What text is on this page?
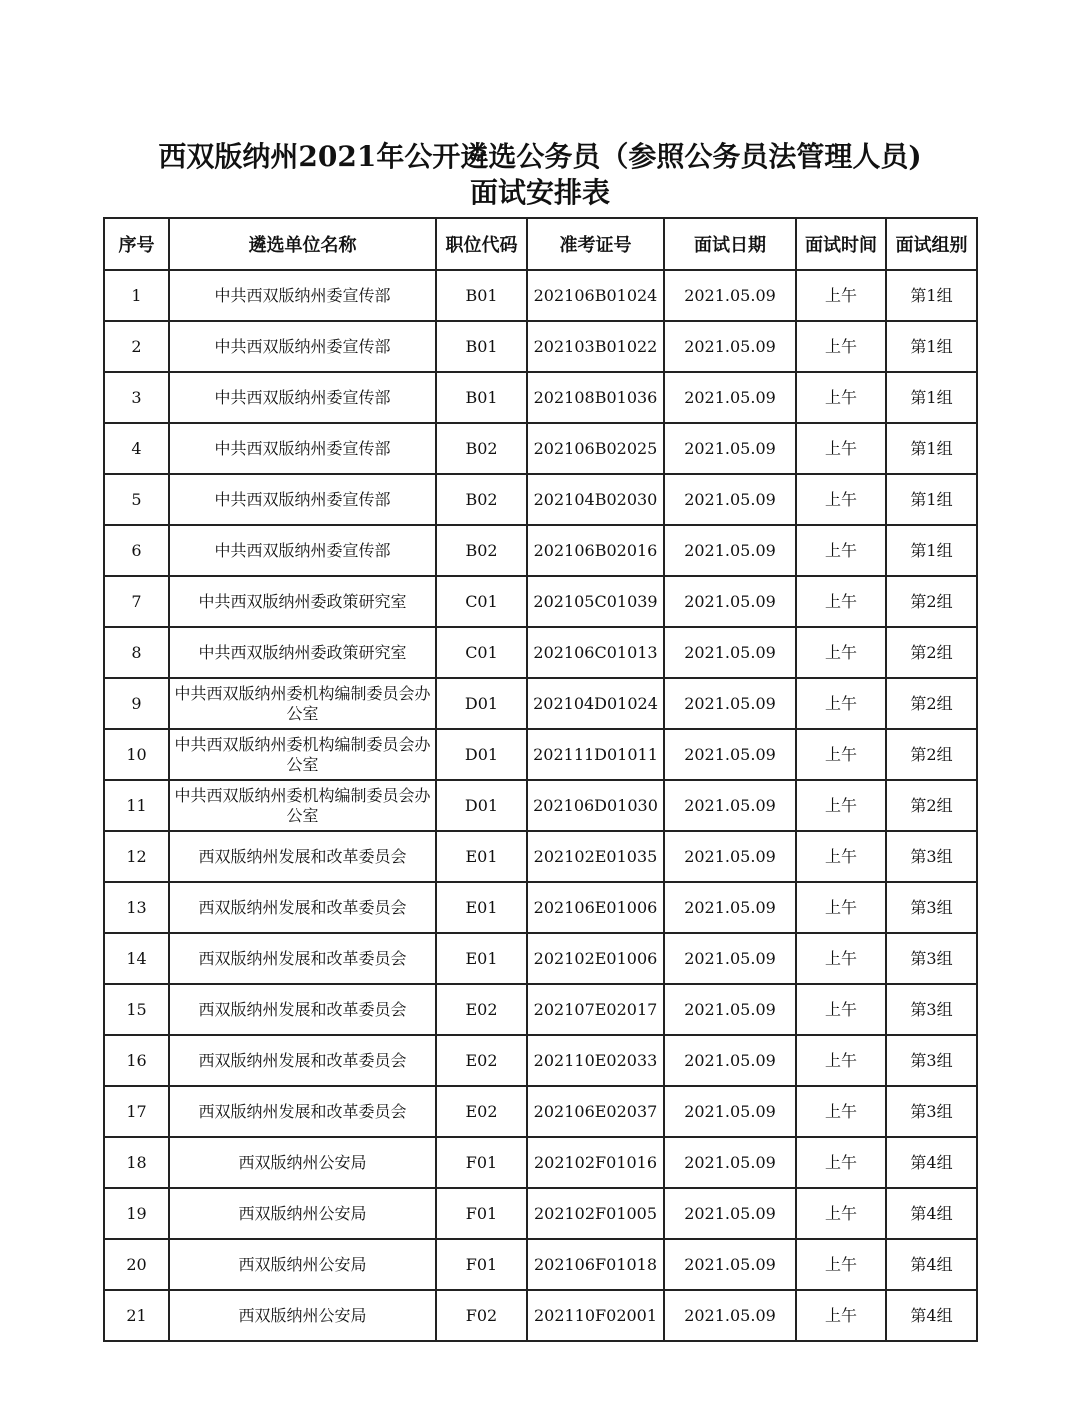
西双版纳州2021年公开遴选公务员（参照公务员法管理人员)
面试安排表
序号	遴选单位名称	职位代码	准考证号	面试日期	面试时间	面试组别
1	中共西双版纳州委宣传部	B01	202106B01024	2021.05.09	上午	第1组
2	中共西双版纳州委宣传部	B01	202103B01022	2021.05.09	上午	第1组
3	中共西双版纳州委宣传部	B01	202108B01036	2021.05.09	上午	第1组
4	中共西双版纳州委宣传部	B02	202106B02025	2021.05.09	上午	第1组
5	中共西双版纳州委宣传部	B02	202104B02030	2021.05.09	上午	第1组
6	中共西双版纳州委宣传部	B02	202106B02016	2021.05.09	上午	第1组
7	中共西双版纳州委政策研究室	C01	202105C01039	2021.05.09	上午	第2组
8	中共西双版纳州委政策研究室	C01	202106C01013	2021.05.09	上午	第2组
9	中共西双版纳州委机构编制委员会办公室	D01	202104D01024	2021.05.09	上午	第2组
10	中共西双版纳州委机构编制委员会办公室	D01	202111D01011	2021.05.09	上午	第2组
11	中共西双版纳州委机构编制委员会办公室	D01	202106D01030	2021.05.09	上午	第2组
12	西双版纳州发展和改革委员会	E01	202102E01035	2021.05.09	上午	第3组
13	西双版纳州发展和改革委员会	E01	202106E01006	2021.05.09	上午	第3组
14	西双版纳州发展和改革委员会	E01	202102E01006	2021.05.09	上午	第3组
15	西双版纳州发展和改革委员会	E02	202107E02017	2021.05.09	上午	第3组
16	西双版纳州发展和改革委员会	E02	202110E02033	2021.05.09	上午	第3组
17	西双版纳州发展和改革委员会	E02	202106E02037	2021.05.09	上午	第3组
18	西双版纳州公安局	F01	202102F01016	2021.05.09	上午	第4组
19	西双版纳州公安局	F01	202102F01005	2021.05.09	上午	第4组
20	西双版纳州公安局	F01	202106F01018	2021.05.09	上午	第4组
21	西双版纳州公安局	F02	202110F02001	2021.05.09	上午	第4组
